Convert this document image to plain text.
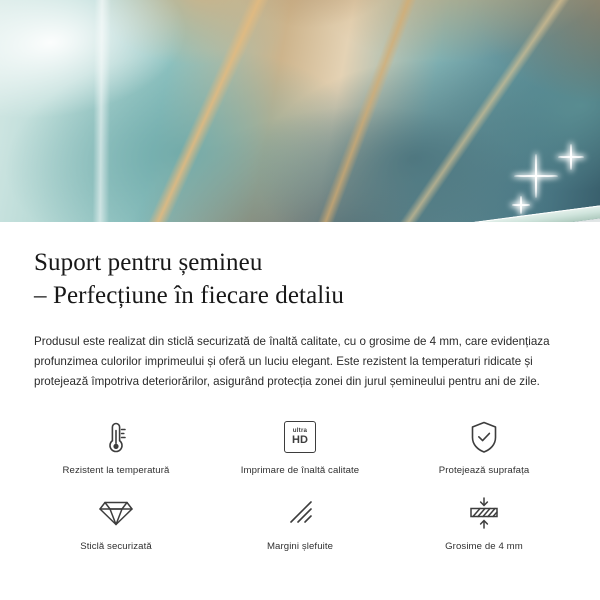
Suport pentru șemineu
– Perfecțiune în fiecare detaliu

Produsul este realizat din sticlă securizată de înaltă calitate, cu o grosime de 4 mm, care evidențiaza profunzimea culorilor imprimeului și oferă un luciu elegant. Este rezistent la temperaturi ridicate și protejează împotriva deteriorărilor, asigurând protecția zonei din jurul șemineului pentru ani de zile.

Rezistent la temperatură
ultra
HD
Imprimare de înaltă calitate	Protejează suprafața
Sticlă securizată	Margini șlefuite	Grosime de 4 mm
